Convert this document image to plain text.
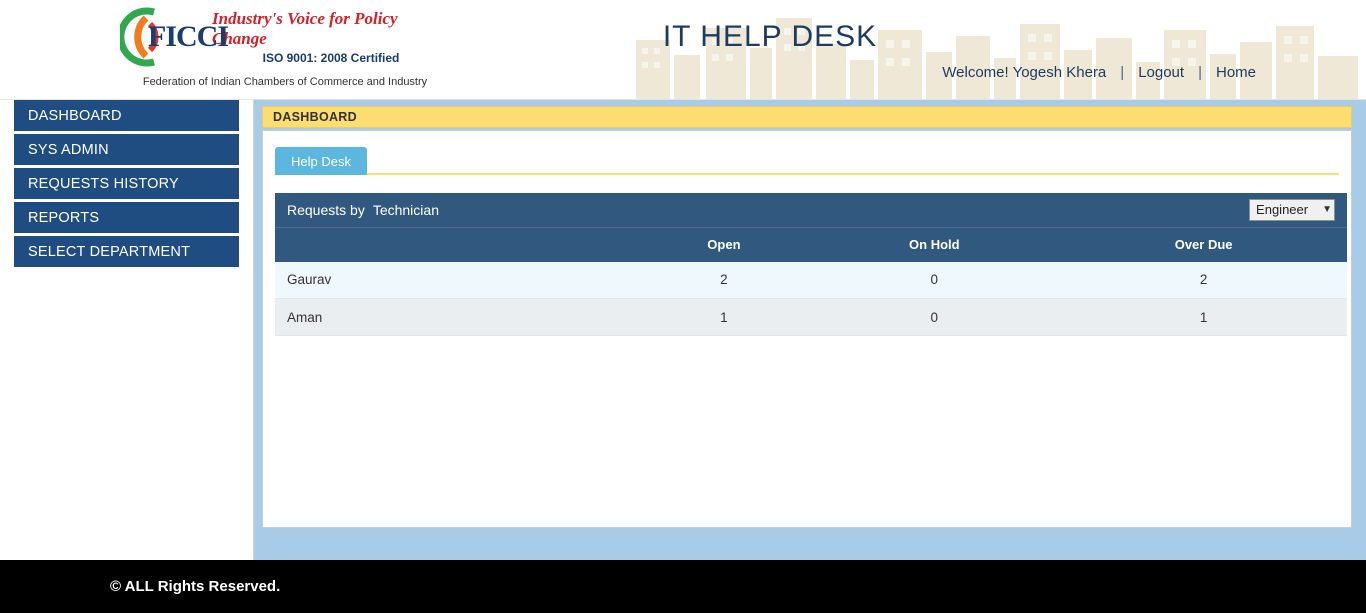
FICCI
Industry's Voice for Policy Change
ISO 9001: 2008 Certified
Federation of Indian Chambers of Commerce and Industry
IT HELP DESK
Welcome! Yogesh Khera | Logout | Home
DASHBOARD
SYS ADMIN
REQUESTS HISTORY
REPORTS
SELECT DEPARTMENT
DASHBOARD
Help Desk
Requests by Technician	Engineer ▼
	Open	On Hold	Over Due
Gaurav	2	0	2
Aman	1	0	1
© ALL Rights Reserved.
